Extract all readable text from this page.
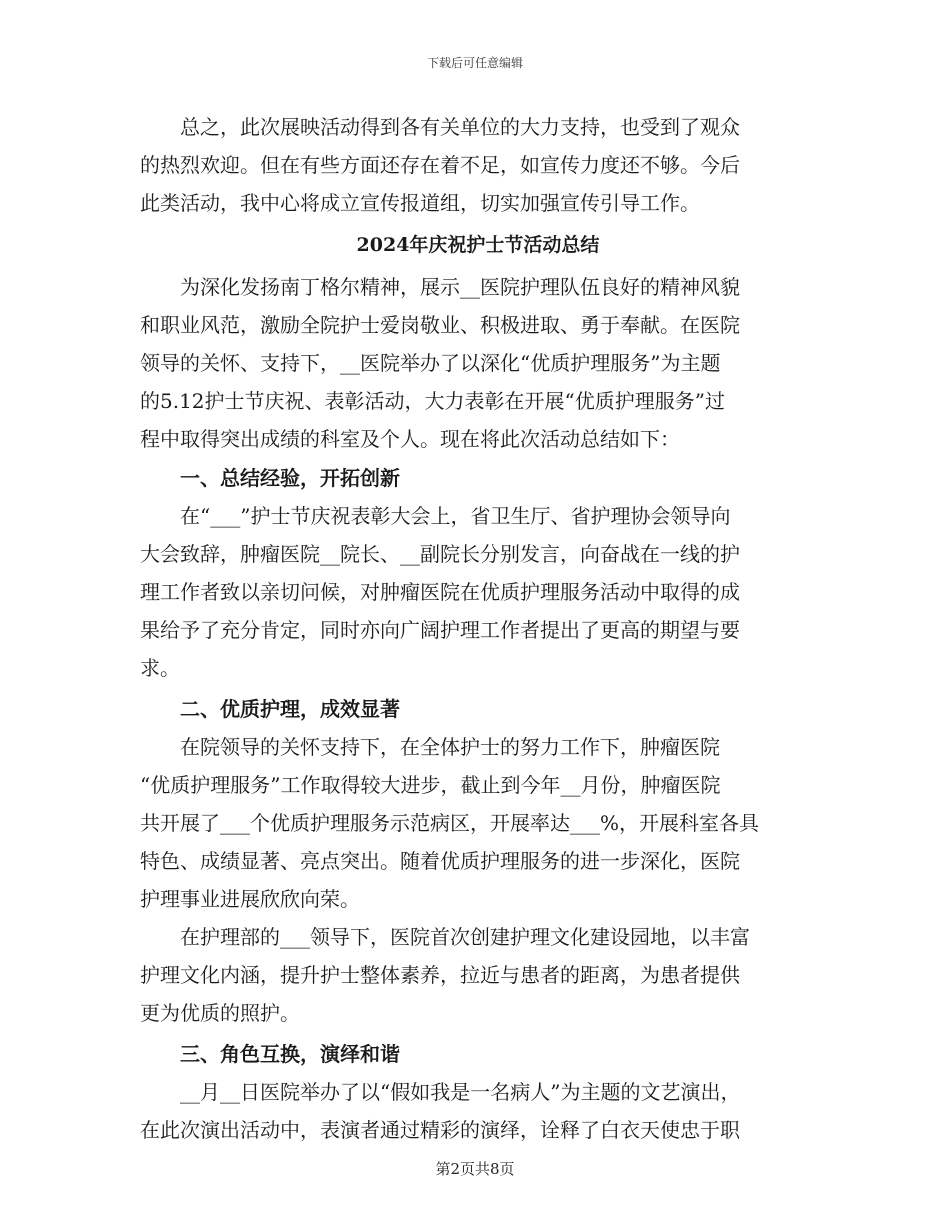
下载后可任意编辑
总之，此次展映活动得到各有关单位的大力支持，也受到了观众
的热烈欢迎。但在有些方面还存在着不足，如宣传力度还不够。今后
此类活动，我中心将成立宣传报道组，切实加强宣传引导工作。
2024年庆祝护士节活动总结
为深化发扬南丁格尔精神，展示__医院护理队伍良好的精神风貌
和职业风范，激励全院护士爱岗敬业、积极进取、勇于奉献。在医院
领导的关怀、支持下，__医院举办了以深化“优质护理服务”为主题
的5.12护士节庆祝、表彰活动，大力表彰在开展“优质护理服务”过
程中取得突出成绩的科室及个人。现在将此次活动总结如下：
一、总结经验，开拓创新
在“___”护士节庆祝表彰大会上，省卫生厅、省护理协会领导向
大会致辞，肿瘤医院__院长、__副院长分别发言，向奋战在一线的护
理工作者致以亲切问候，对肿瘤医院在优质护理服务活动中取得的成
果给予了充分肯定，同时亦向广阔护理工作者提出了更高的期望与要
求。
二、优质护理，成效显著
在院领导的关怀支持下，在全体护士的努力工作下，肿瘤医院
“优质护理服务”工作取得较大进步，截止到今年__月份，肿瘤医院
共开展了___个优质护理服务示范病区，开展率达___%，开展科室各具
特色、成绩显著、亮点突出。随着优质护理服务的进一步深化，医院
护理事业进展欣欣向荣。
在护理部的___领导下，医院首次创建护理文化建设园地，以丰富
护理文化内涵，提升护士整体素养，拉近与患者的距离，为患者提供
更为优质的照护。
三、角色互换，演绎和谐
__月__日医院举办了以“假如我是一名病人”为主题的文艺演出，
在此次演出活动中，表演者通过精彩的演绎，诠释了白衣天使忠于职
第2页共8页
